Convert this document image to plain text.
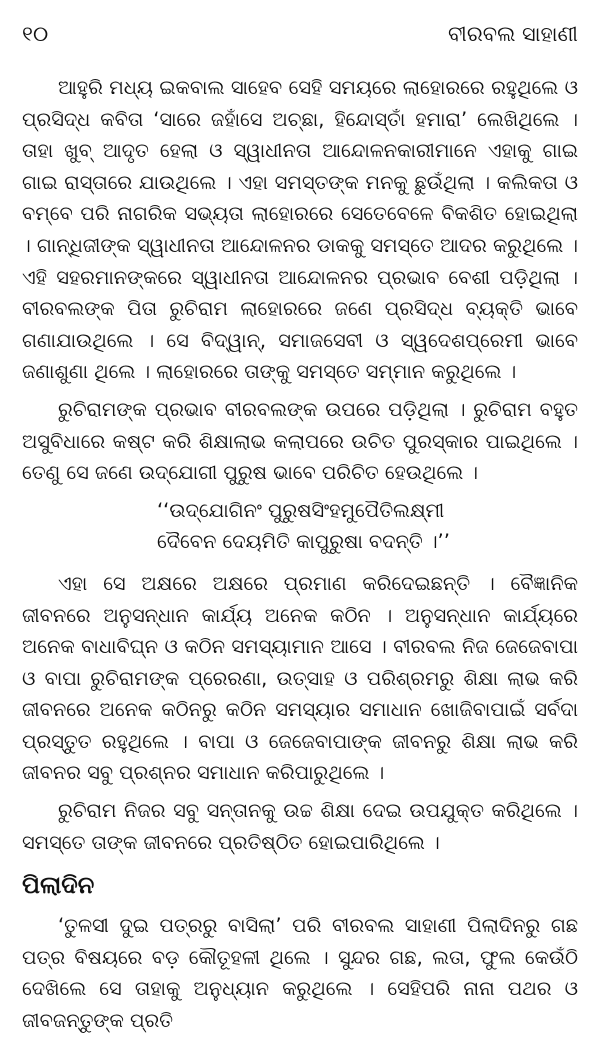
୧୦	ବୀରବଲ ସାହାଣୀ

ଆହୁରି ମଧ୍ୟ ଇକବାଲ ସାହେବ ସେହି ସମୟରେ ଲାହୋରରେ ରହୁଥିଲେ ଓ ପ୍ରସିଦ୍ଧ କବିତା ‘ସାରେ ଜହାଁସେ ଅଚ୍ଛା, ହିନ୍ଦୋସ୍ତାଁ ହମାରା’ ଲେଖିଥିଲେ । ତାହା ଖୁବ୍ ଆଦୃତ ହେଲା ଓ ସ୍ୱାଧୀନତା ଆନ୍ଦୋଳନକାରୀମାନେ ଏହାକୁ ଗାଇ ଗାଇ ରାସ୍ତାରେ ଯାଉଥିଲେ । ଏହା ସମସ୍ତଙ୍କ ମନକୁ ଛୁଉଁଥିଲା । କଲିକତା ଓ ବମ୍ବେ ପରି ନାଗରିକ ସଭ୍ୟତା ଲାହୋରରେ ସେତେବେଳେ ବିକଶିତ ହୋଇଥିଲା । ଗାନ୍ଧିଜୀଙ୍କ ସ୍ୱାଧୀନତା ଆନ୍ଦୋଳନର ଡାକକୁ ସମସ୍ତେ ଆଦର କରୁଥିଲେ । ଏହି ସହରମାନଙ୍କରେ ସ୍ୱାଧୀନତା ଆନ୍ଦୋଳନର ପ୍ରଭାବ ବେଶୀ ପଡ଼ିଥିଲା । ବୀରବଲଙ୍କ ପିତା ରୁଚିରାମ ଲାହୋରରେ ଜଣେ ପ୍ରସିଦ୍ଧ ବ୍ୟକ୍ତି ଭାବେ ଗଣାଯାଉଥିଲେ । ସେ ବିଦ୍ୱାନ୍, ସମାଜସେବୀ ଓ ସ୍ୱଦେଶପ୍ରେମୀ ଭାବେ ଜଣାଶୁଣା ଥିଲେ । ଲାହୋରରେ ତାଙ୍କୁ ସମସ୍ତେ ସମ୍ମାନ କରୁଥିଲେ ।

ରୁଚିରାମଙ୍କ ପ୍ରଭାବ ବୀରବଲଙ୍କ ଉପରେ ପଡ଼ିଥିଲା । ରୁଚିରାମ ବହୁତ ଅସୁବିଧାରେ କଷ୍ଟ କରି ଶିକ୍ଷାଲାଭ କଲାପରେ ଉଚିତ ପୁରସ୍କାର ପାଇଥିଲେ । ତେଣୁ ସେ ଜଣେ ଉଦ୍‌ଯୋଗୀ ପୁରୁଷ ଭାବେ ପରିଚିତ ହେଉଥିଲେ ।

‘‘ଉଦ୍‌ଯୋଗିନଂ ପୁରୁଷସିଂହମୁପୈତିଲକ୍ଷ୍ମୀ
ଦୈବେନ ଦେୟମିତି କାପୁରୁଷା ବଦନ୍ତି ।’’

ଏହା ସେ ଅକ୍ଷରେ ଅକ୍ଷରେ ପ୍ରମାଣ କରିଦେଇଛନ୍ତି । ବୈଜ୍ଞାନିକ ଜୀବନରେ ଅନୁସନ୍ଧାନ କାର୍ଯ୍ୟ ଅନେକ କଠିନ । ଅନୁସନ୍ଧାନ କାର୍ଯ୍ୟରେ ଅନେକ ବାଧାବିଘ୍ନ ଓ କଠିନ ସମସ୍ୟାମାନ ଆସେ । ବୀରବଲ ନିଜ ଜେଜେବାପା ଓ ବାପା ରୁଚିରାମଙ୍କ ପ୍ରେରଣା, ଉତ୍ସାହ ଓ ପରିଶ୍ରମରୁ ଶିକ୍ଷା ଲାଭ କରି ଜୀବନରେ ଅନେକ କଠିନରୁ କଠିନ ସମସ୍ୟାର ସମାଧାନ ଖୋଜିବାପାଇଁ ସର୍ବଦା ପ୍ରସ୍ତୁତ ରହୁଥିଲେ । ବାପା ଓ ଜେଜେବାପାଙ୍କ ଜୀବନରୁ ଶିକ୍ଷା ଲାଭ କରି ଜୀବନର ସବୁ ପ୍ରଶ୍ନର ସମାଧାନ କରିପାରୁଥିଲେ ।

ରୁଚିରାମ ନିଜର ସବୁ ସନ୍ତାନକୁ ଉଚ୍ଚ ଶିକ୍ଷା ଦେଇ ଉପଯୁକ୍ତ କରିଥିଲେ । ସମସ୍ତେ ତାଙ୍କ ଜୀବନରେ ପ୍ରତିଷ୍ଠିତ ହୋଇପାରିଥିଲେ ।

ପିଲାଦିନ

‘ତୁଳସୀ ଦୁଇ ପତ୍ରରୁ ବାସିଲା’ ପରି ବୀରବଲ ସାହାଣୀ ପିଲାଦିନରୁ ଗଛ ପତ୍ର ବିଷୟରେ ବଡ଼ କୌତୂହଳୀ ଥିଲେ । ସୁନ୍ଦର ଗଛ, ଲତା, ଫୁଲ କେଉଁଠି ଦେଖିଲେ ସେ ତାହାକୁ ଅନୁଧ୍ୟାନ କରୁଥିଲେ । ସେହିପରି ନାନା ପଥର ଓ ଜୀବଜନ୍ତୁଙ୍କ ପ୍ରତି
